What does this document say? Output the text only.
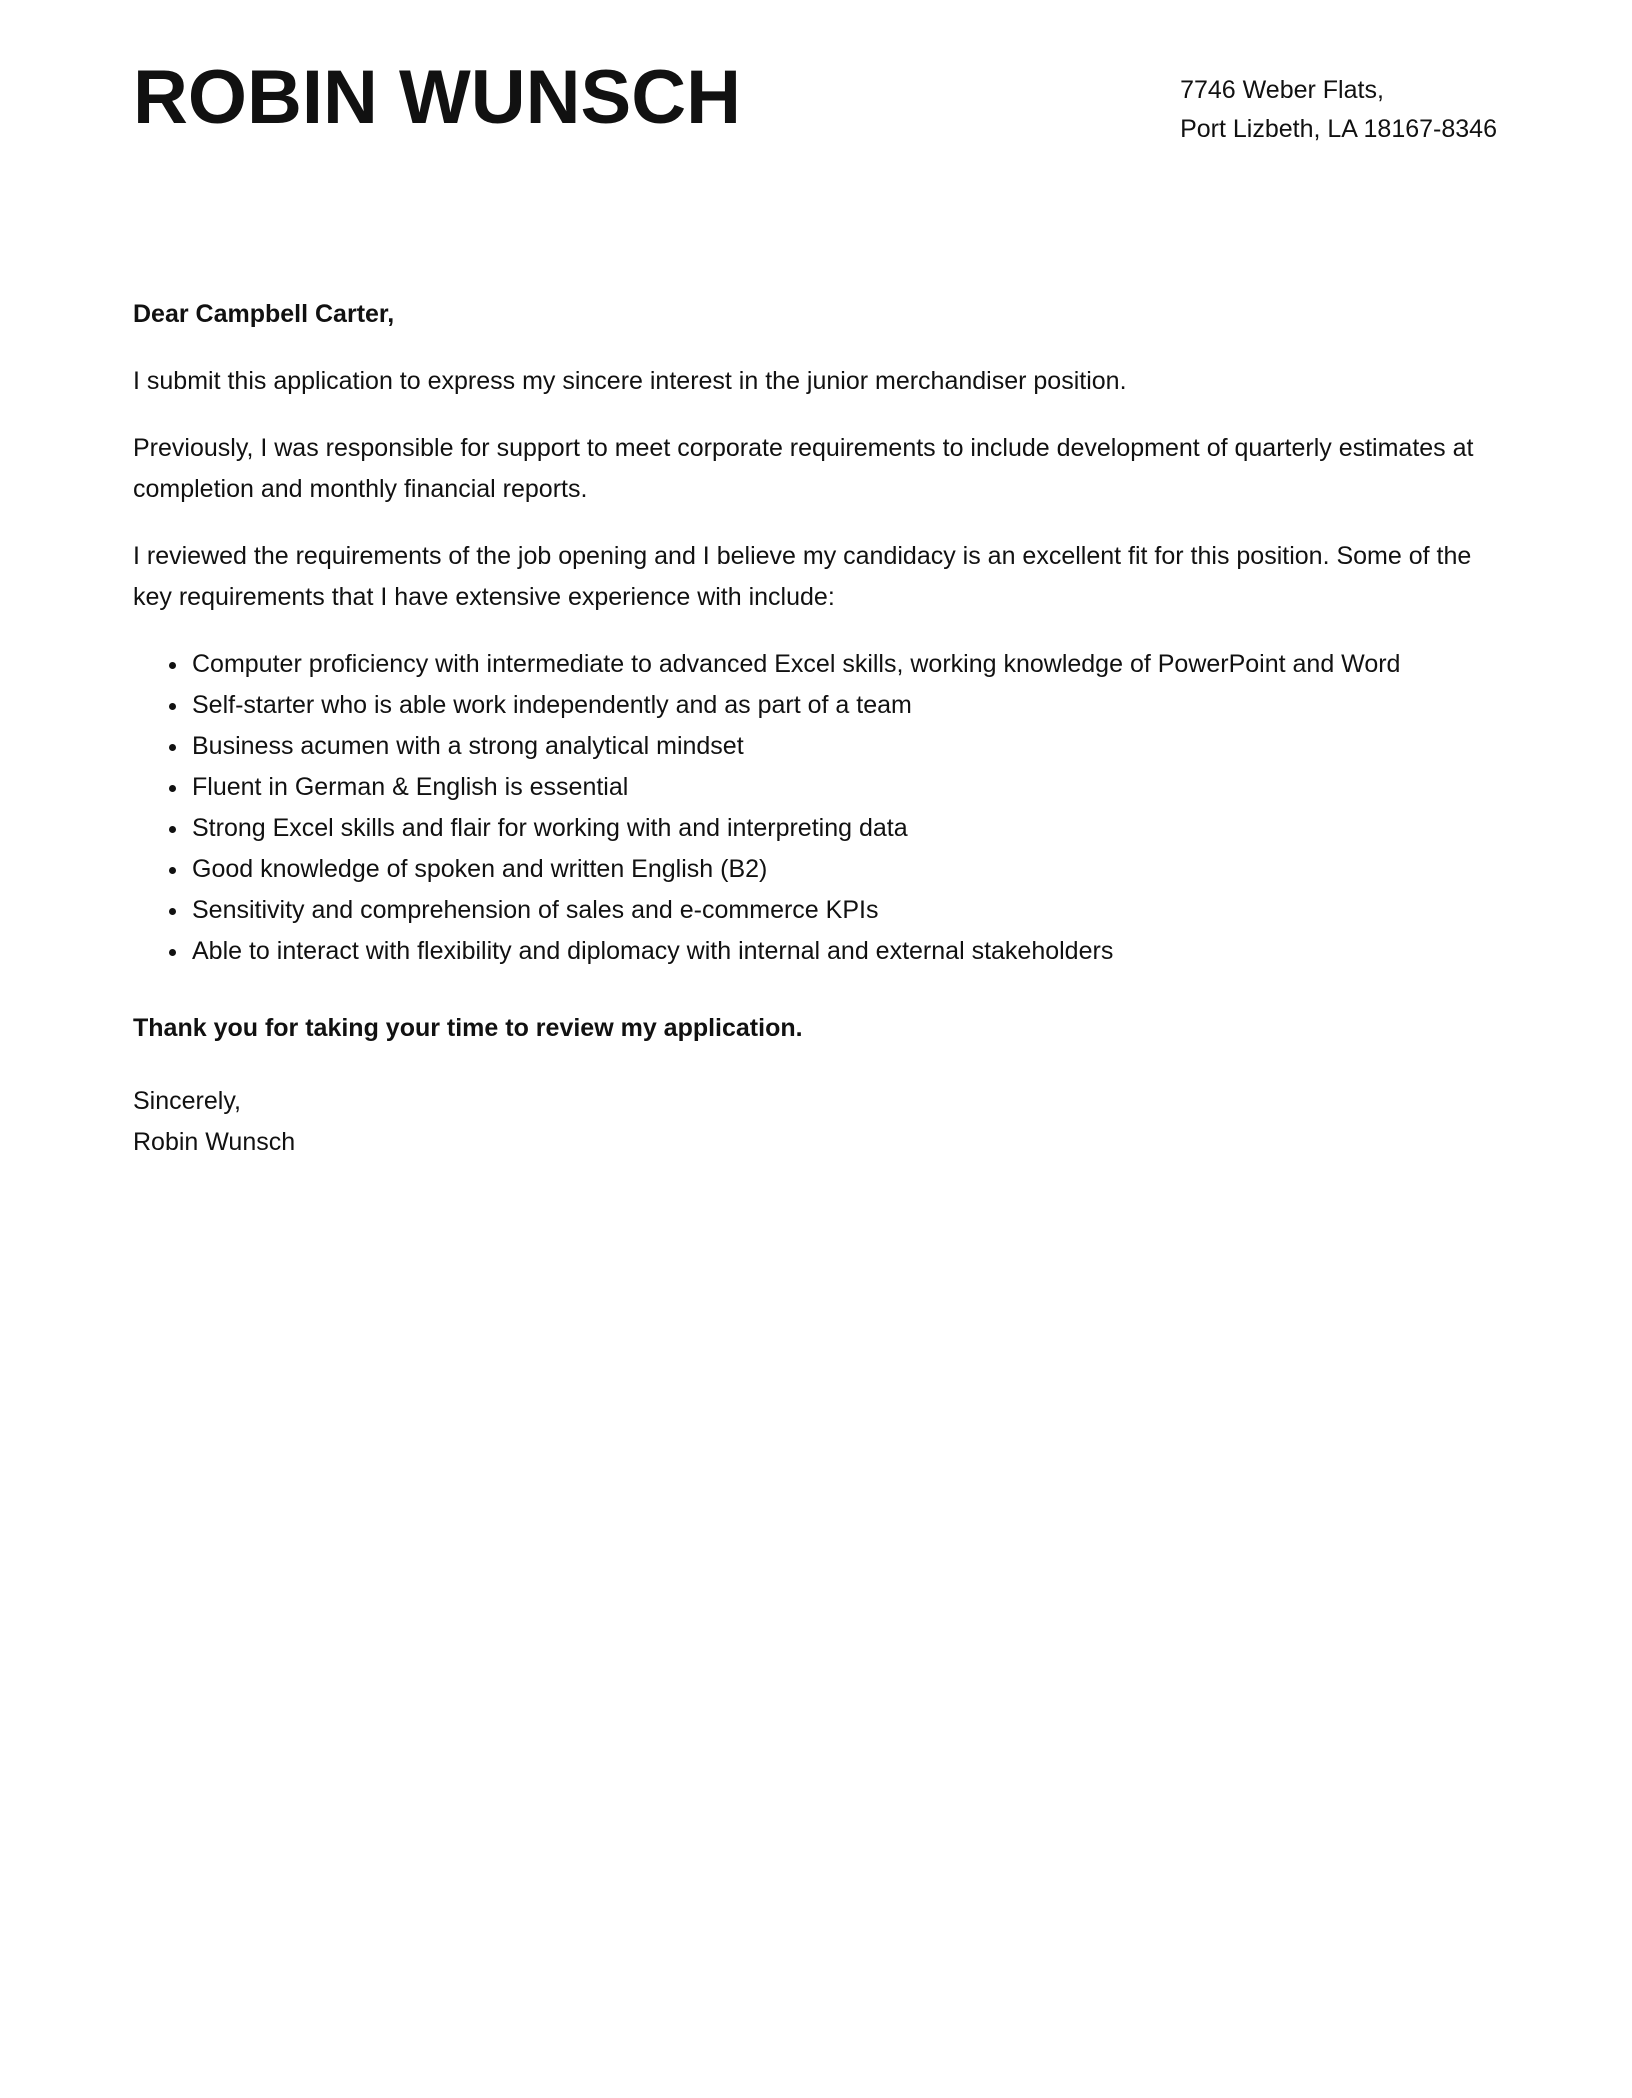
ROBIN WUNSCH	7746 Weber Flats,
Port Lizbeth, LA 18167-8346

Dear Campbell Carter,

I submit this application to express my sincere interest in the junior merchandiser position.

Previously, I was responsible for support to meet corporate requirements to include development of quarterly estimates at completion and monthly financial reports.

I reviewed the requirements of the job opening and I believe my candidacy is an excellent fit for this position. Some of the key requirements that I have extensive experience with include:

• Computer proficiency with intermediate to advanced Excel skills, working knowledge of PowerPoint and Word
• Self-starter who is able work independently and as part of a team
• Business acumen with a strong analytical mindset
• Fluent in German & English is essential
• Strong Excel skills and flair for working with and interpreting data
• Good knowledge of spoken and written English (B2)
• Sensitivity and comprehension of sales and e-commerce KPIs
• Able to interact with flexibility and diplomacy with internal and external stakeholders

Thank you for taking your time to review my application.

Sincerely,
Robin Wunsch
